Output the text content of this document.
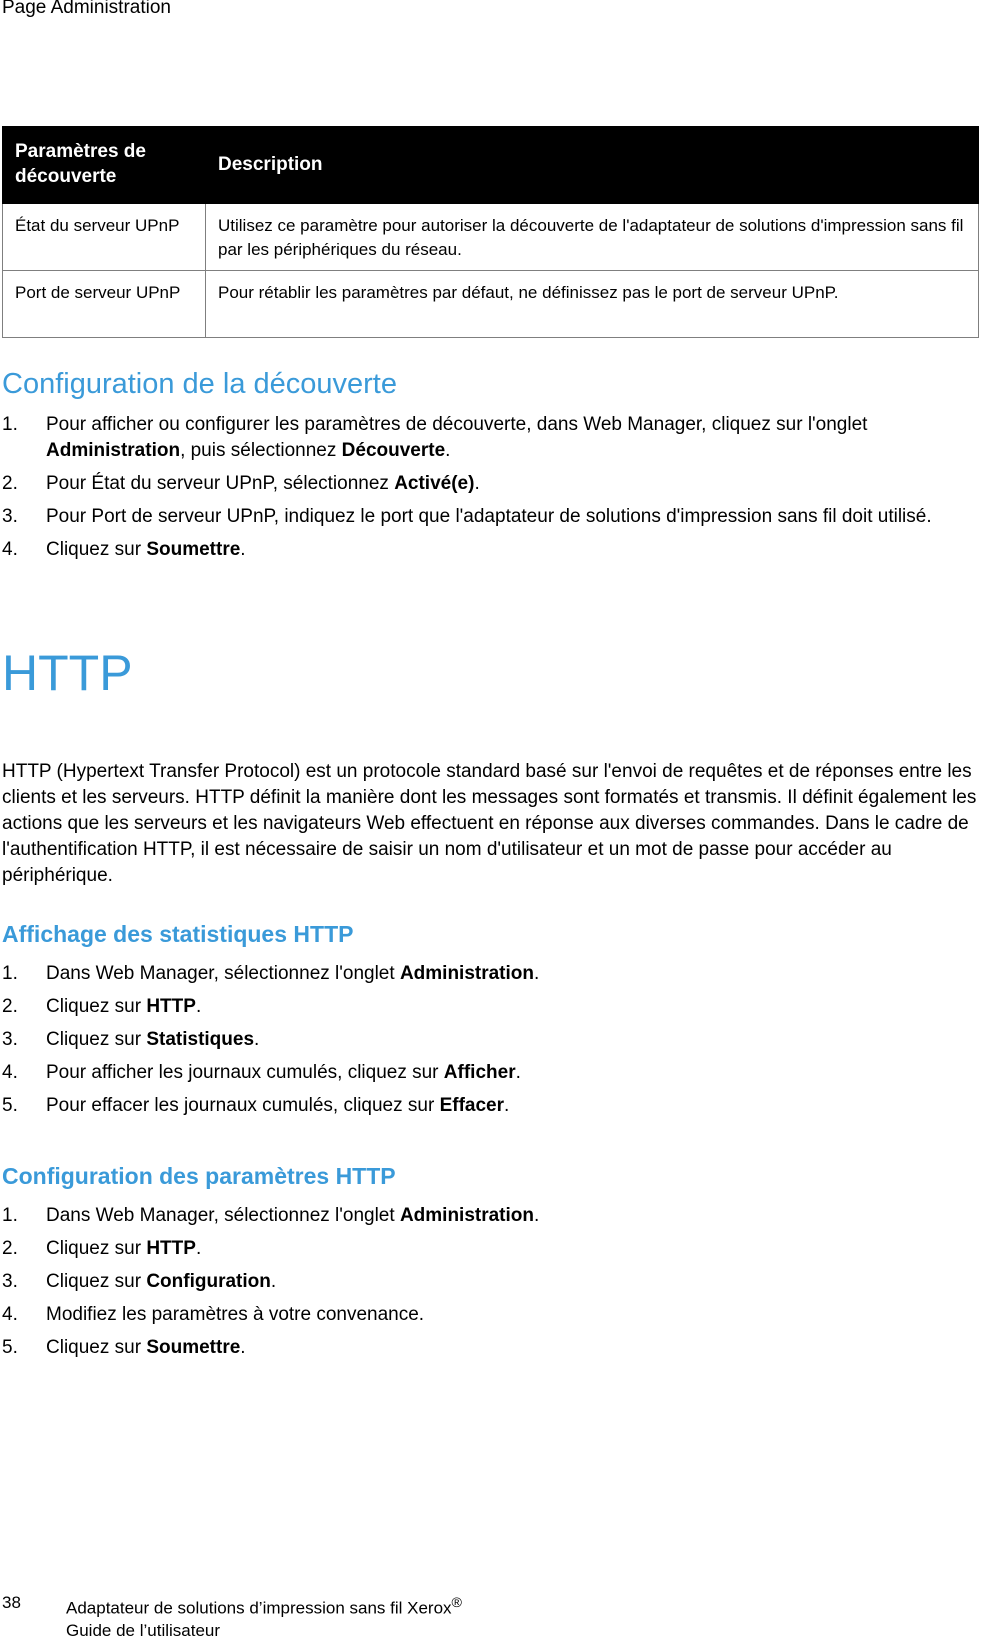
Page Administration
Paramètres de découverte	Description
État du serveur UPnP	Utilisez ce paramètre pour autoriser la découverte de l'adaptateur de solutions d'impression sans fil par les périphériques du réseau.
Port de serveur UPnP	Pour rétablir les paramètres par défaut, ne définissez pas le port de serveur UPnP.
Configuration de la découverte
1. Pour afficher ou configurer les paramètres de découverte, dans Web Manager, cliquez sur l'onglet Administration, puis sélectionnez Découverte.
2. Pour État du serveur UPnP, sélectionnez Activé(e).
3. Pour Port de serveur UPnP, indiquez le port que l'adaptateur de solutions d'impression sans fil doit utilisé.
4. Cliquez sur Soumettre.
HTTP

HTTP (Hypertext Transfer Protocol) est un protocole standard basé sur l'envoi de requêtes et de réponses entre les clients et les serveurs. HTTP définit la manière dont les messages sont formatés et transmis. Il définit également les actions que les serveurs et les navigateurs Web effectuent en réponse aux diverses commandes. Dans le cadre de l'authentification HTTP, il est nécessaire de saisir un nom d'utilisateur et un mot de passe pour accéder au périphérique.

Affichage des statistiques HTTP
1. Dans Web Manager, sélectionnez l'onglet Administration.
2. Cliquez sur HTTP.
3. Cliquez sur Statistiques.
4. Pour afficher les journaux cumulés, cliquez sur Afficher.
5. Pour effacer les journaux cumulés, cliquez sur Effacer.
Configuration des paramètres HTTP
1. Dans Web Manager, sélectionnez l'onglet Administration.
2. Cliquez sur HTTP.
3. Cliquez sur Configuration.
4. Modifiez les paramètres à votre convenance.
5. Cliquez sur Soumettre.
38	Adaptateur de solutions d’impression sans fil Xerox®
Guide de l’utilisateur
